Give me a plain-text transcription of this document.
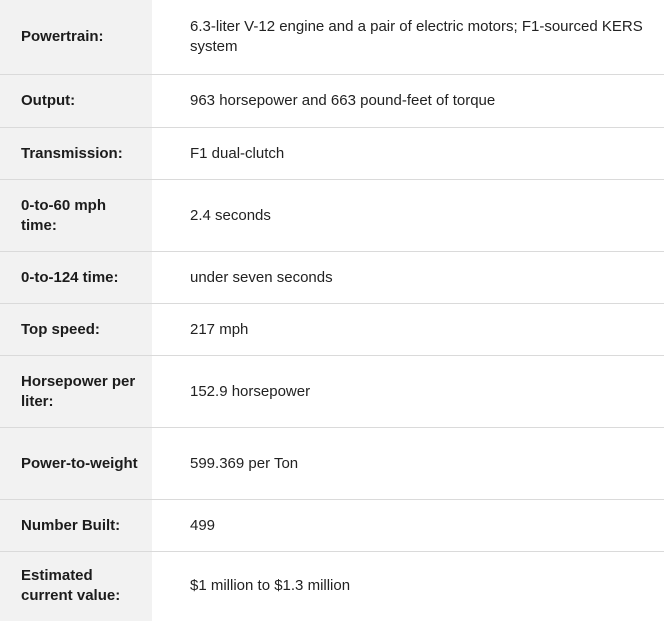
Powertrain:
6.3-liter V-12 engine and a pair of electric motors; F1-sourced KERS system
Output:	963 horsepower and 663 pound-feet of torque
Transmission:	F1 dual-clutch
0-to-60 mph time:
2.4 seconds
0-to-124 time:	under seven seconds
Top speed:	217 mph
Horsepower per liter:
152.9 horsepower
Power-to-weight	599.369 per Ton
Number Built:	499
Estimated current value:
$1 million to $1.3 million
